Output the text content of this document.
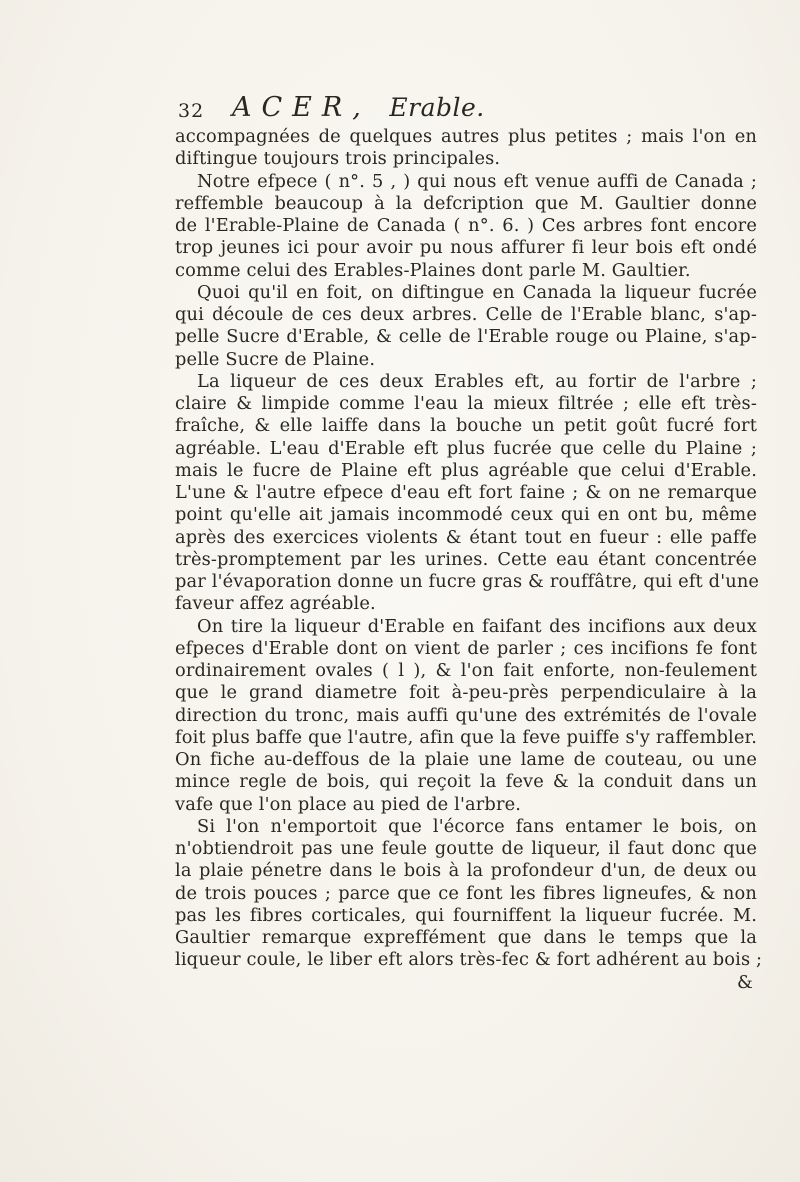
32 ACER, Erable.
accompagnées de quelques autres plus petites ; mais l'on en
diftingue toujours trois principales.
Notre efpece ( n°. 5 , ) qui nous eft venue auffi de Canada ;
reffemble beaucoup à la defcription que M. Gaultier donne
de l'Erable-Plaine de Canada ( n°. 6. ) Ces arbres font encore
trop jeunes ici pour avoir pu nous affurer fi leur bois eft ondé
comme celui des Erables-Plaines dont parle M. Gaultier.
Quoi qu'il en foit, on diftingue en Canada la liqueur fucrée
qui découle de ces deux arbres. Celle de l'Erable blanc, s'ap-
pelle Sucre d'Erable, & celle de l'Erable rouge ou Plaine, s'ap-
pelle Sucre de Plaine.
La liqueur de ces deux Erables eft, au fortir de l'arbre ;
claire & limpide comme l'eau la mieux filtrée ; elle eft très-
fraîche, & elle laiffe dans la bouche un petit goût fucré fort
agréable. L'eau d'Erable eft plus fucrée que celle du Plaine ;
mais le fucre de Plaine eft plus agréable que celui d'Erable.
L'une & l'autre efpece d'eau eft fort faine ; & on ne remarque
point qu'elle ait jamais incommodé ceux qui en ont bu, même
après des exercices violents & étant tout en fueur : elle paffe
très-promptement par les urines. Cette eau étant concentrée
par l'évaporation donne un fucre gras & rouffâtre, qui eft d'une
faveur affez agréable.
On tire la liqueur d'Erable en faifant des incifions aux deux
efpeces d'Erable dont on vient de parler ; ces incifions fe font
ordinairement ovales ( l ), & l'on fait enforte, non-feulement
que le grand diametre foit à-peu-près perpendiculaire à la
direction du tronc, mais auffi qu'une des extrémités de l'ovale
foit plus baffe que l'autre, afin que la feve puiffe s'y raffembler.
On fiche au-deffous de la plaie une lame de couteau, ou une
mince regle de bois, qui reçoit la feve & la conduit dans un
vafe que l'on place au pied de l'arbre.
Si l'on n'emportoit que l'écorce fans entamer le bois, on
n'obtiendroit pas une feule goutte de liqueur, il faut donc que
la plaie pénetre dans le bois à la profondeur d'un, de deux ou
de trois pouces ; parce que ce font les fibres ligneufes, & non
pas les fibres corticales, qui fourniffent la liqueur fucrée. M.
Gaultier remarque expreffément que dans le temps que la
liqueur coule, le liber eft alors très-fec & fort adhérent au bois ;
&
